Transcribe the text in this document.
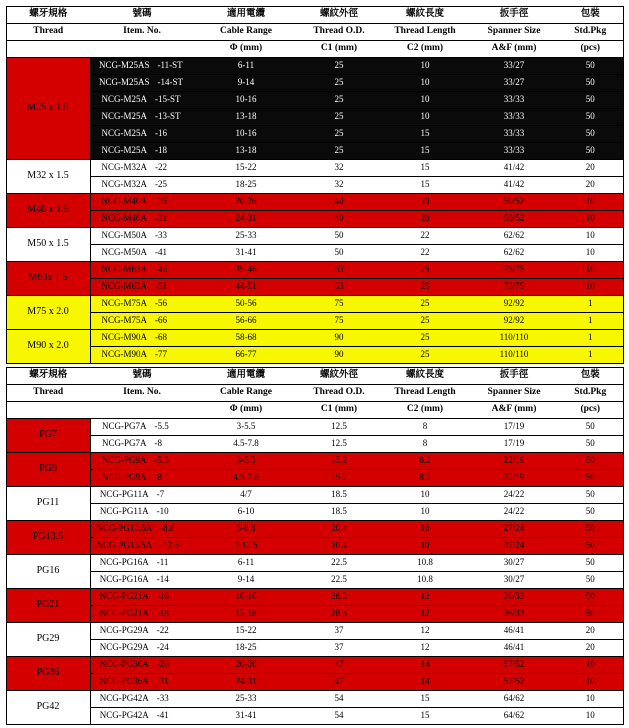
螺牙規格	號碼	適用電纜	螺紋外徑	螺紋長度	扳手徑	包裝
Thread	Item. No.	Cable Range	Thread O.D.	Thread Length	Spanner Size	Std.Pkg
		Φ (mm)	C1 (mm)	C2 (mm)	A&F (mm)	(pcs)
M25 x 1.5	NCG-M25AS -11-ST	6-11	25	10	33/27	50
	NCG-M25AS -14-ST	9-14	25	10	33/27	50
	NCG-M25A -15-ST	10-16	25	10	33/33	50
	NCG-M25A -13-ST	13-18	25	10	33/33	50
	NCG-M25A -16	10-16	25	15	33/33	50
	NCG-M25A -18	13-18	25	15	33/33	50
M32 x 1.5	NCG-M32A -22	15-22	32	15	41/42	20
	NCG-M32A -25	18-25	32	15	41/42	20
M40 x 1.5	NCG-M40A -26	20-26	40	20	50/52	10
	NCG-M40A -31	24-31	40	20	50/52	10
M50 x 1.5	NCG-M50A -33	25-33	50	22	62/62	10
	NCG-M50A -41	31-41	50	22	62/62	10
M63x 1.5	NCG-M63A -46	39-46	63	25	75/75	10
	NCG-M63A -51	44-51	63	25	75/75	10
M75 x 2.0	NCG-M75A -56	50-56	75	25	92/92	1
	NCG-M75A -66	56-66	75	25	92/92	1
M90 x 2.0	NCG-M90A -68	58-68	90	25	110/110	1
	NCG-M90A -77	66-77	90	25	110/110	1
螺牙規格	號碼	適用電纜	螺紋外徑	螺紋長度	扳手徑	包裝
Thread	Item. No.	Cable Range	Thread O.D.	Thread Length	Spanner Size	Std.Pkg
		Φ (mm)	C1 (mm)	C2 (mm)	A&F (mm)	(pcs)
PG7	NCG-PG7A -5.5	3-5.5	12.5	8	17/19	50
	NCG-PG7A -8	4.5-7.8	12.5	8	17/19	50
PG9	NCG-PG9A -5.5	3-5.5	15.2	8.2	22/19	50
	NCG-PG9A -8	4.5-7.8	15.2	8.2	22/19	50
PG11	NCG-PG11A -7	4/7	18.5	10	24/22	50
	NCG-PG11A -10	6-10	18.5	10	24/22	50
PG13.5	NCG-PG13.5A -8.8	5-8.8	20.4	10	27/24	50
	NCG-PG13.5A -12.5	7-12.5	20.4	10	27/24	50
PG16	NCG-PG16A -11	6-11	22.5	10.8	30/27	50
	NCG-PG16A -14	9-14	22.5	10.8	30/27	50
PG21	NCG-PG21A -16	10-16	28.3	12	36/33	50
	NCG-PG21A -18	13-18	28.3	12	36/33	50
PG29	NCG-PG29A -22	15-22	37	12	46/41	20
	NCG-PG29A -24	18-25	37	12	46/41	20
PG36	NCG-PG36A -26	20-26	47	14	57/52	10
	NCG-PG36A -31	24-31	47	14	57/52	10
PG42	NCG-PG42A -33	25-33	54	15	64/62	10
	NCG-PG42A -41	31-41	54	15	64/62	10
